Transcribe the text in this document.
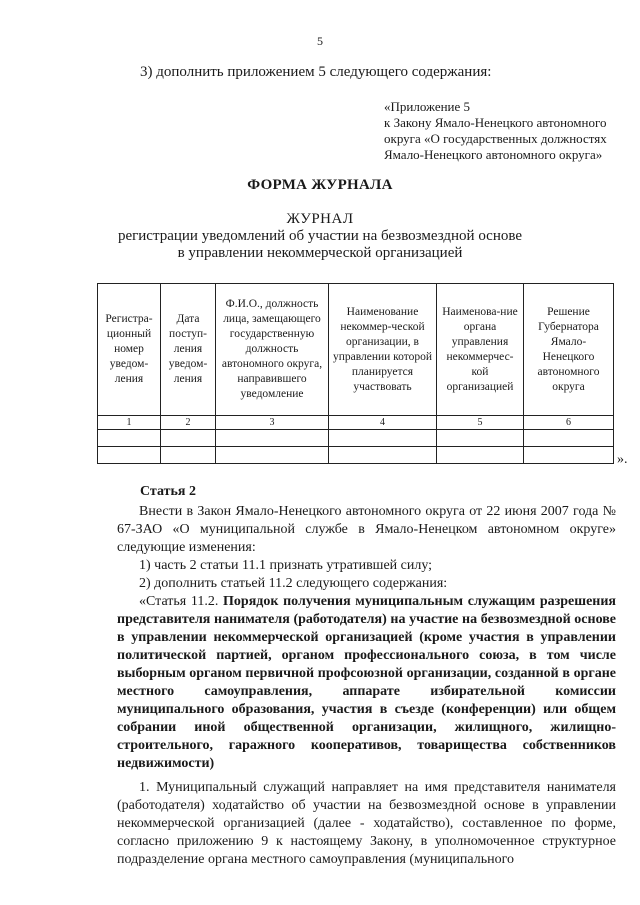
5
3) дополнить приложением 5 следующего содержания:
«Приложение 5
к Закону Ямало-Ненецкого автономного
округа «О государственных должностях
Ямало-Ненецкого автономного округа»
ФОРМА ЖУРНАЛА
ЖУРНАЛ
регистрации уведомлений об участии на безвозмездной основе
в управлении некоммерческой организацией
Регистра-ционный номер уведом-ления	Дата поступ-ления уведом-ления	Ф.И.О., должность лица, замещающего государственную должность автономного округа, направившего уведомление	Наименование некоммер-ческой организации, в управлении которой планируется участвовать	Наименова-ние органа управления некоммерчес-кой организацией	Решение Губернатора Ямало-Ненецкого автономного округа
1	2	3	4	5	6

».
Статья 2
Внести в Закон Ямало-Ненецкого автономного округа от 22 июня 2007 года № 67-ЗАО «О муниципальной службе в Ямало-Ненецком автономном округе» следующие изменения:
1) часть 2 статьи 11.1 признать утратившей силу;
2) дополнить статьей 11.2 следующего содержания:
«Статья 11.2. Порядок получения муниципальным служащим разрешения представителя нанимателя (работодателя) на участие на безвозмездной основе в управлении некоммерческой организацией (кроме участия в управлении политической партией, органом профессионального союза, в том числе выборным органом первичной профсоюзной организации, созданной в органе местного самоуправления, аппарате избирательной комиссии муниципального образования, участия в съезде (конференции) или общем собрании иной общественной организации, жилищного, жилищно-строительного, гаражного кооперативов, товарищества собственников недвижимости)
1. Муниципальный служащий направляет на имя представителя нанимателя (работодателя) ходатайство об участии на безвозмездной основе в управлении некоммерческой организацией (далее - ходатайство), составленное по форме, согласно приложению 9 к настоящему Закону, в уполномоченное структурное подразделение органа местного самоуправления (муниципального
